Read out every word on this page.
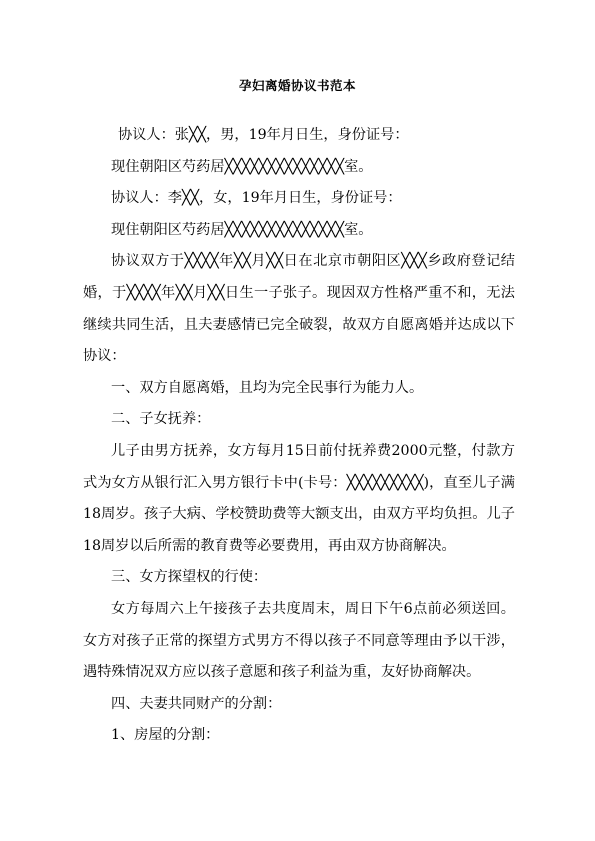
孕妇离婚协议书范本

协议人：张╳╳，男，19年月日生，身份证号：

现住朝阳区芍药居╳╳╳╳╳╳╳╳╳╳╳╳╳╳室。

协议人：李╳╳，女，19年月日生，身份证号：

现住朝阳区芍药居╳╳╳╳╳╳╳╳╳╳╳╳╳╳室。

协议双方于╳╳╳╳年╳╳月╳╳日在北京市朝阳区╳╳╳乡政府登记结婚，于╳╳╳╳年╳╳月╳╳日生一子张子。现因双方性格严重不和，无法继续共同生活，且夫妻感情已完全破裂，故双方自愿离婚并达成以下协议：

一、双方自愿离婚，且均为完全民事行为能力人。

二、子女抚养：

儿子由男方抚养，女方每月15日前付抚养费2000元整，付款方式为女方从银行汇入男方银行卡中(卡号：╳╳╳╳╳╳╳╳╳)，直至儿子满18周岁。孩子大病、学校赞助费等大额支出，由双方平均负担。儿子18周岁以后所需的教育费等必要费用，再由双方协商解决。

三、女方探望权的行使：

女方每周六上午接孩子去共度周末，周日下午6点前必须送回。女方对孩子正常的探望方式男方不得以孩子不同意等理由予以干涉，遇特殊情况双方应以孩子意愿和孩子利益为重，友好协商解决。

四、夫妻共同财产的分割：

1、房屋的分割：
